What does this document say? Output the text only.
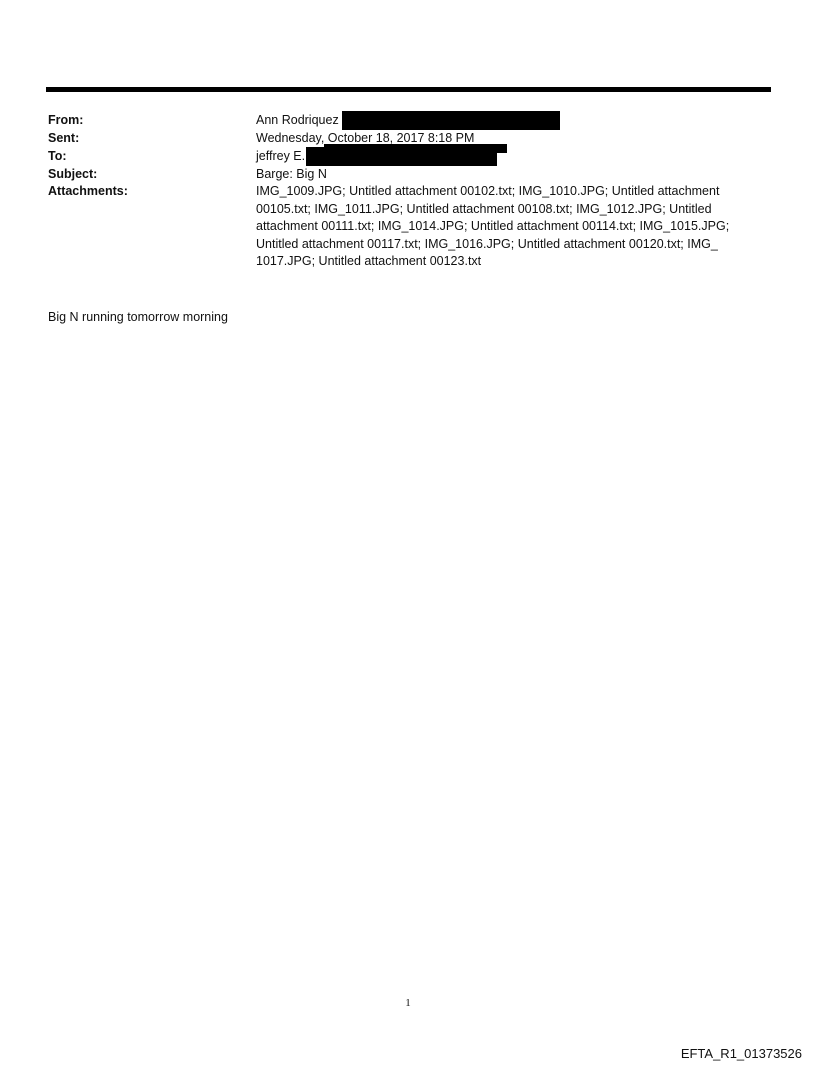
From:	Ann Rodriquez
Sent:	Wednesday, October 18, 2017 8:18 PM
To:	jeffrey E.
Subject:	Barge: Big N
Attachments:	IMG_1009.JPG; Untitled attachment 00102.txt; IMG_1010.JPG; Untitled attachment 00105.txt; IMG_1011.JPG; Untitled attachment 00108.txt; IMG_1012.JPG; Untitled attachment 00111.txt; IMG_1014.JPG; Untitled attachment 00114.txt; IMG_1015.JPG; Untitled attachment 00117.txt; IMG_1016.JPG; Untitled attachment 00120.txt; IMG_ 1017.JPG; Untitled attachment 00123.txt
Big N running tomorrow morning
1
EFTA_R1_01373526
